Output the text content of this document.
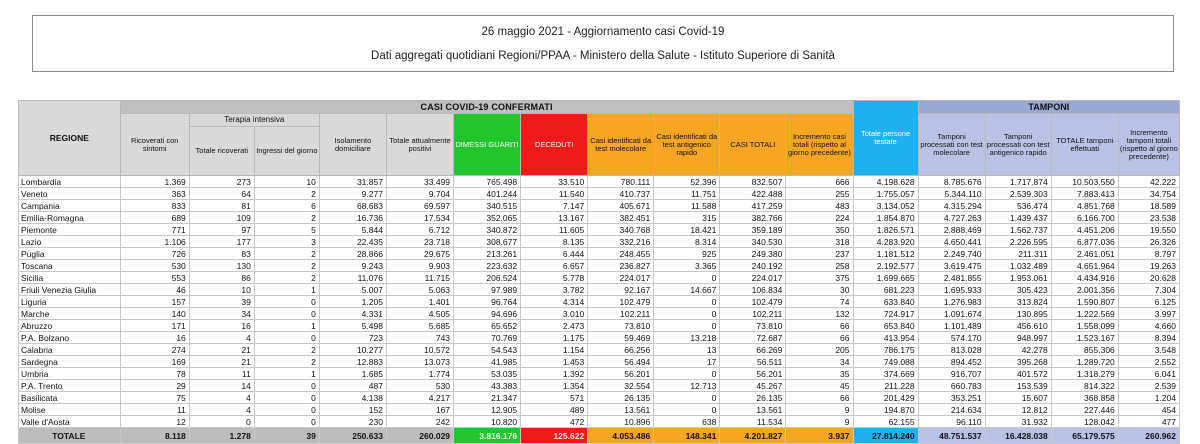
26 maggio 2021 - Aggiornamento casi Covid-19
Dati aggregati quotidiani Regioni/PPAA - Ministero della Salute - Istituto Superiore di Sanità
REGIONE	CASI COVID-19 CONFERMATI											Totale persone testate	TAMPONI			
	Ricoverati con sintomi	Terapia intensiva		Isolamento domiciliare	Totale attualmente positivi	DIMESSI GUARITI	DECEDUTI	Casi identificati da test molecolare	Casi identificati da test antigenico rapido	CASI TOTALI	Incremento casi totali (rispetto al giorno precedente)		Tamponi processati con test molecolare	Tamponi processati con test antigenico rapido	TOTALE tamponi effettuati	Incremento tamponi totali (rispetto al giorno precedente)
		Totale ricoverati	Ingressi del giorno													
Lombardia	1.369	273	10	31.857	33.499	765.498	33.510	780.111	52.396	832.507	666	4.198.628	8.785.676	1.717.874	10.503.550	42.222
Veneto	363	64	2	9.277	9.704	401.244	11.540	410.737	11.751	422.488	255	1.755.057	5.344.110	2.539.303	7.883.413	34.754
Campania	833	81	6	68.683	69.597	340.515	7.147	405.671	11.588	417.259	483	3.134.052	4.315.294	536.474	4.851.768	18.589
Emilia-Romagna	689	109	2	16.736	17.534	352.065	13.167	382.451	315	382.766	224	1.854.870	4.727.263	1.439.437	6.166.700	23.538
Piemonte	771	97	5	5.844	6.712	340.872	11.605	340.768	18.421	359.189	350	1.826.571	2.888.469	1.562.737	4.451.206	19.550
Lazio	1.106	177	3	22.435	23.718	308.677	8.135	332.216	8.314	340.530	318	4.283.920	4.650.441	2.226.595	6.877.036	26.326
Puglia	726	83	2	28.866	29.675	213.261	6.444	248.455	925	249.380	237	1.181.512	2.249.740	211.311	2.461.051	8.797
Toscana	530	130	2	9.243	9.903	223.632	6.657	236.827	3.365	240.192	258	2.192.577	3.619.475	1.032.489	4.651.964	19.263
Sicilia	553	86	2	11.076	11.715	206.524	5.778	224.017	0	224.017	375	1.699.665	2.481.855	1.953.061	4.434.916	20.628
Friuli Venezia Giulia	46	10	1	5.007	5.063	97.989	3.782	92.167	14.667	106.834	30	681.223	1.695.933	305.423	2.001.356	7.304
Liguria	157	39	0	1.205	1.401	96.764	4.314	102.479	0	102.479	74	633.840	1.276.983	313.824	1.590.807	6.125
Marche	140	34	0	4.331	4.505	94.696	3.010	102.211	0	102.211	132	724.917	1.091.674	130.895	1.222.569	3.997
Abruzzo	171	16	1	5.498	5.685	65.652	2.473	73.810	0	73.810	66	653.840	1.101.489	456.610	1.558.099	4.660
P.A. Bolzano	16	4	0	723	743	70.769	1.175	59.469	13.218	72.687	66	413.954	574.170	948.997	1.523.167	8.394
Calabria	274	21	2	10.277	10.572	54.543	1.154	66.256	13	66.269	205	786.175	813.028	42.278	855.306	3.548
Sardegna	169	21	2	12.883	13.073	41.985	1.453	56.494	17	56.511	34	749.088	894.452	395.268	1.289.720	2.552
Umbria	78	11	1	1.685	1.774	53.035	1.392	56.201	0	56.201	35	374.669	916.707	401.572	1.318.279	6.041
P.A. Trento	29	14	0	487	530	43.383	1.354	32.554	12.713	45.267	45	211.228	660.783	153.539	814.322	2.539
Basilicata	75	4	0	4.138	4.217	21.347	571	26.135	0	26.135	66	201.429	353.251	15.607	368.858	1.204
Molise	11	4	0	152	167	12.905	489	13.561	0	13.561	9	194.870	214.634	12.812	227.446	454
Valle d'Aosta	12	0	0	230	242	10.820	472	10.896	638	11.534	9	62.155	96.110	31.932	128.042	477
TOTALE	8.118	1.278	39	250.633	260.029	3.816.176	125.622	4.053.486	148.341	4.201.827	3.937	27.814.240	48.751.537	16.428.038	65.179.575	260.962
